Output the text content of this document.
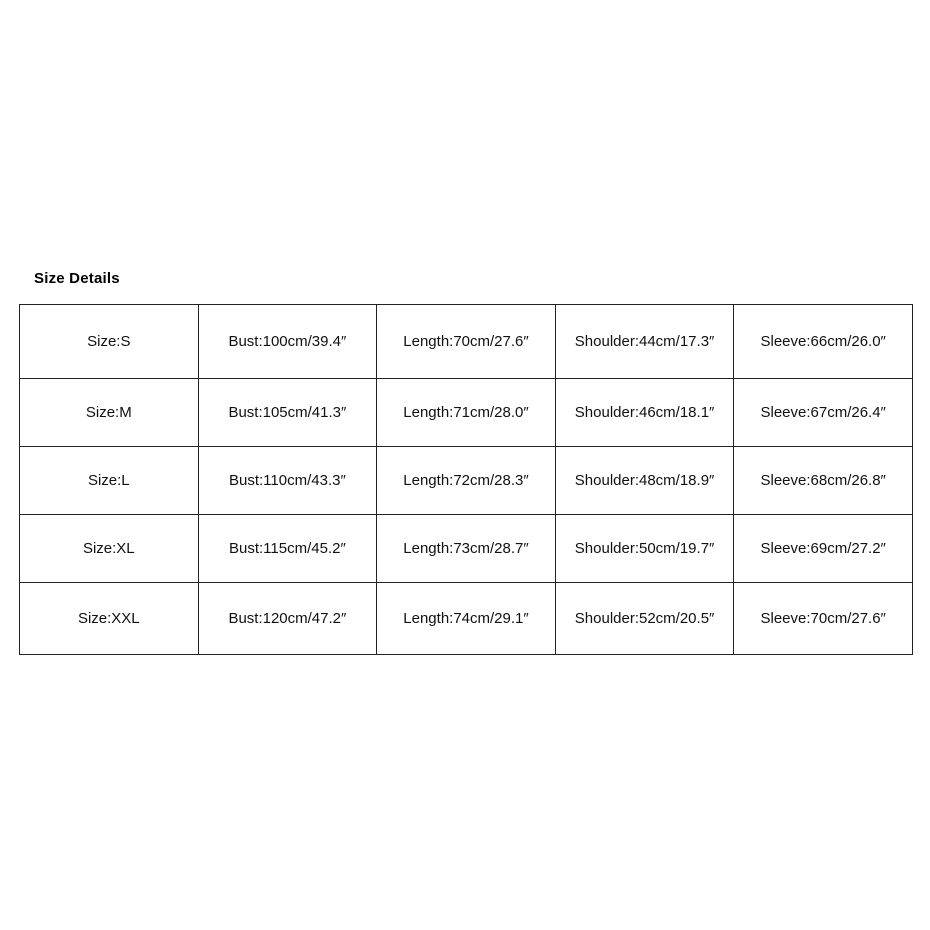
Size Details
Size:S	Bust:100cm/39.4″	Length:70cm/27.6″	Shoulder:44cm/17.3″	Sleeve:66cm/26.0″
Size:M	Bust:105cm/41.3″	Length:71cm/28.0″	Shoulder:46cm/18.1″	Sleeve:67cm/26.4″
Size:L	Bust:110cm/43.3″	Length:72cm/28.3″	Shoulder:48cm/18.9″	Sleeve:68cm/26.8″
Size:XL	Bust:115cm/45.2″	Length:73cm/28.7″	Shoulder:50cm/19.7″	Sleeve:69cm/27.2″
Size:XXL	Bust:120cm/47.2″	Length:74cm/29.1″	Shoulder:52cm/20.5″	Sleeve:70cm/27.6″
